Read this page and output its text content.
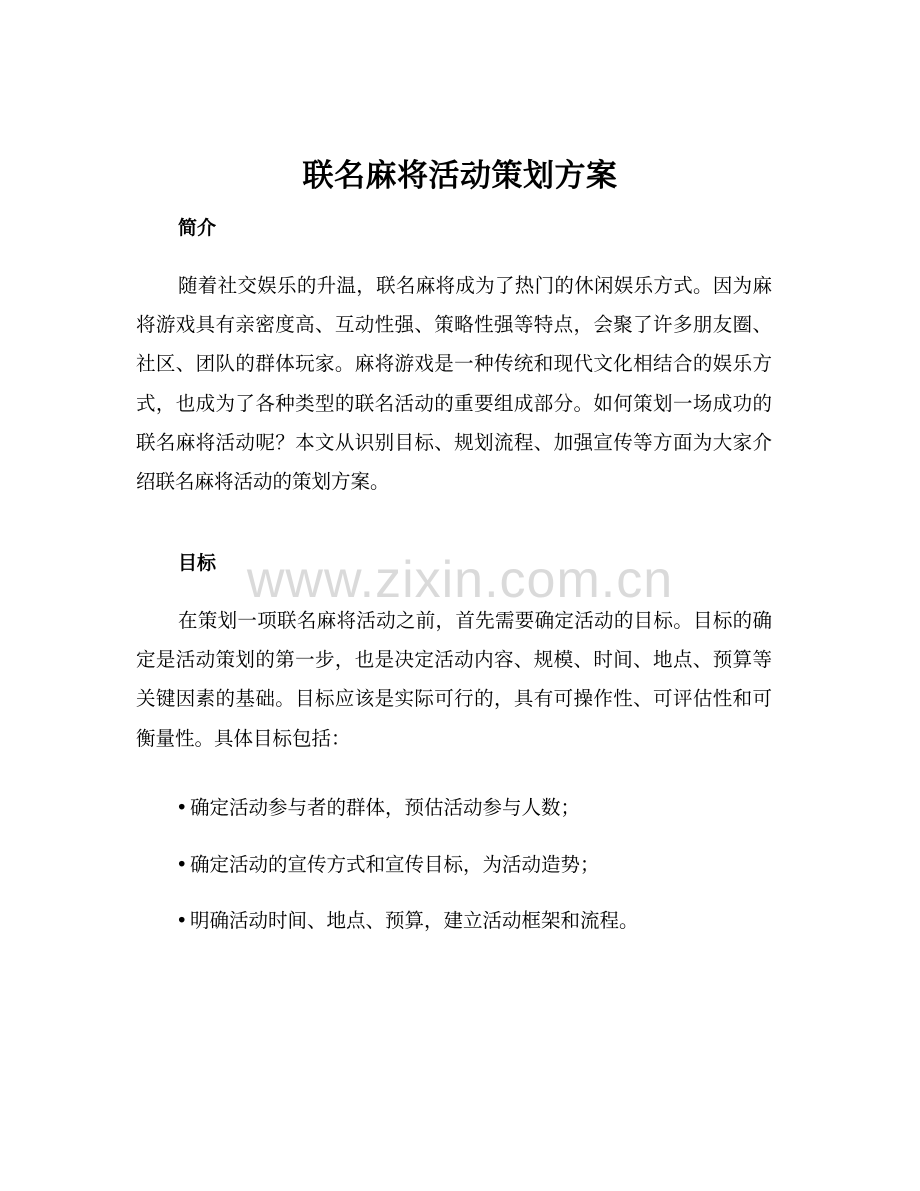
联名麻将活动策划方案
简介

随着社交娱乐的升温，联名麻将成为了热门的休闲娱乐方式。因为麻将游戏具有亲密度高、互动性强、策略性强等特点，会聚了许多朋友圈、社区、团队的群体玩家。麻将游戏是一种传统和现代文化相结合的娱乐方式，也成为了各种类型的联名活动的重要组成部分。如何策划一场成功的联名麻将活动呢？本文从识别目标、规划流程、加强宣传等方面为大家介绍联名麻将活动的策划方案。

目标

在策划一项联名麻将活动之前，首先需要确定活动的目标。目标的确定是活动策划的第一步，也是决定活动内容、规模、时间、地点、预算等关键因素的基础。目标应该是实际可行的，具有可操作性、可评估性和可衡量性。具体目标包括：

• 确定活动参与者的群体，预估活动参与人数；
• 确定活动的宣传方式和宣传目标，为活动造势；
• 明确活动时间、地点、预算，建立活动框架和流程。
www.zixin.com.cn
